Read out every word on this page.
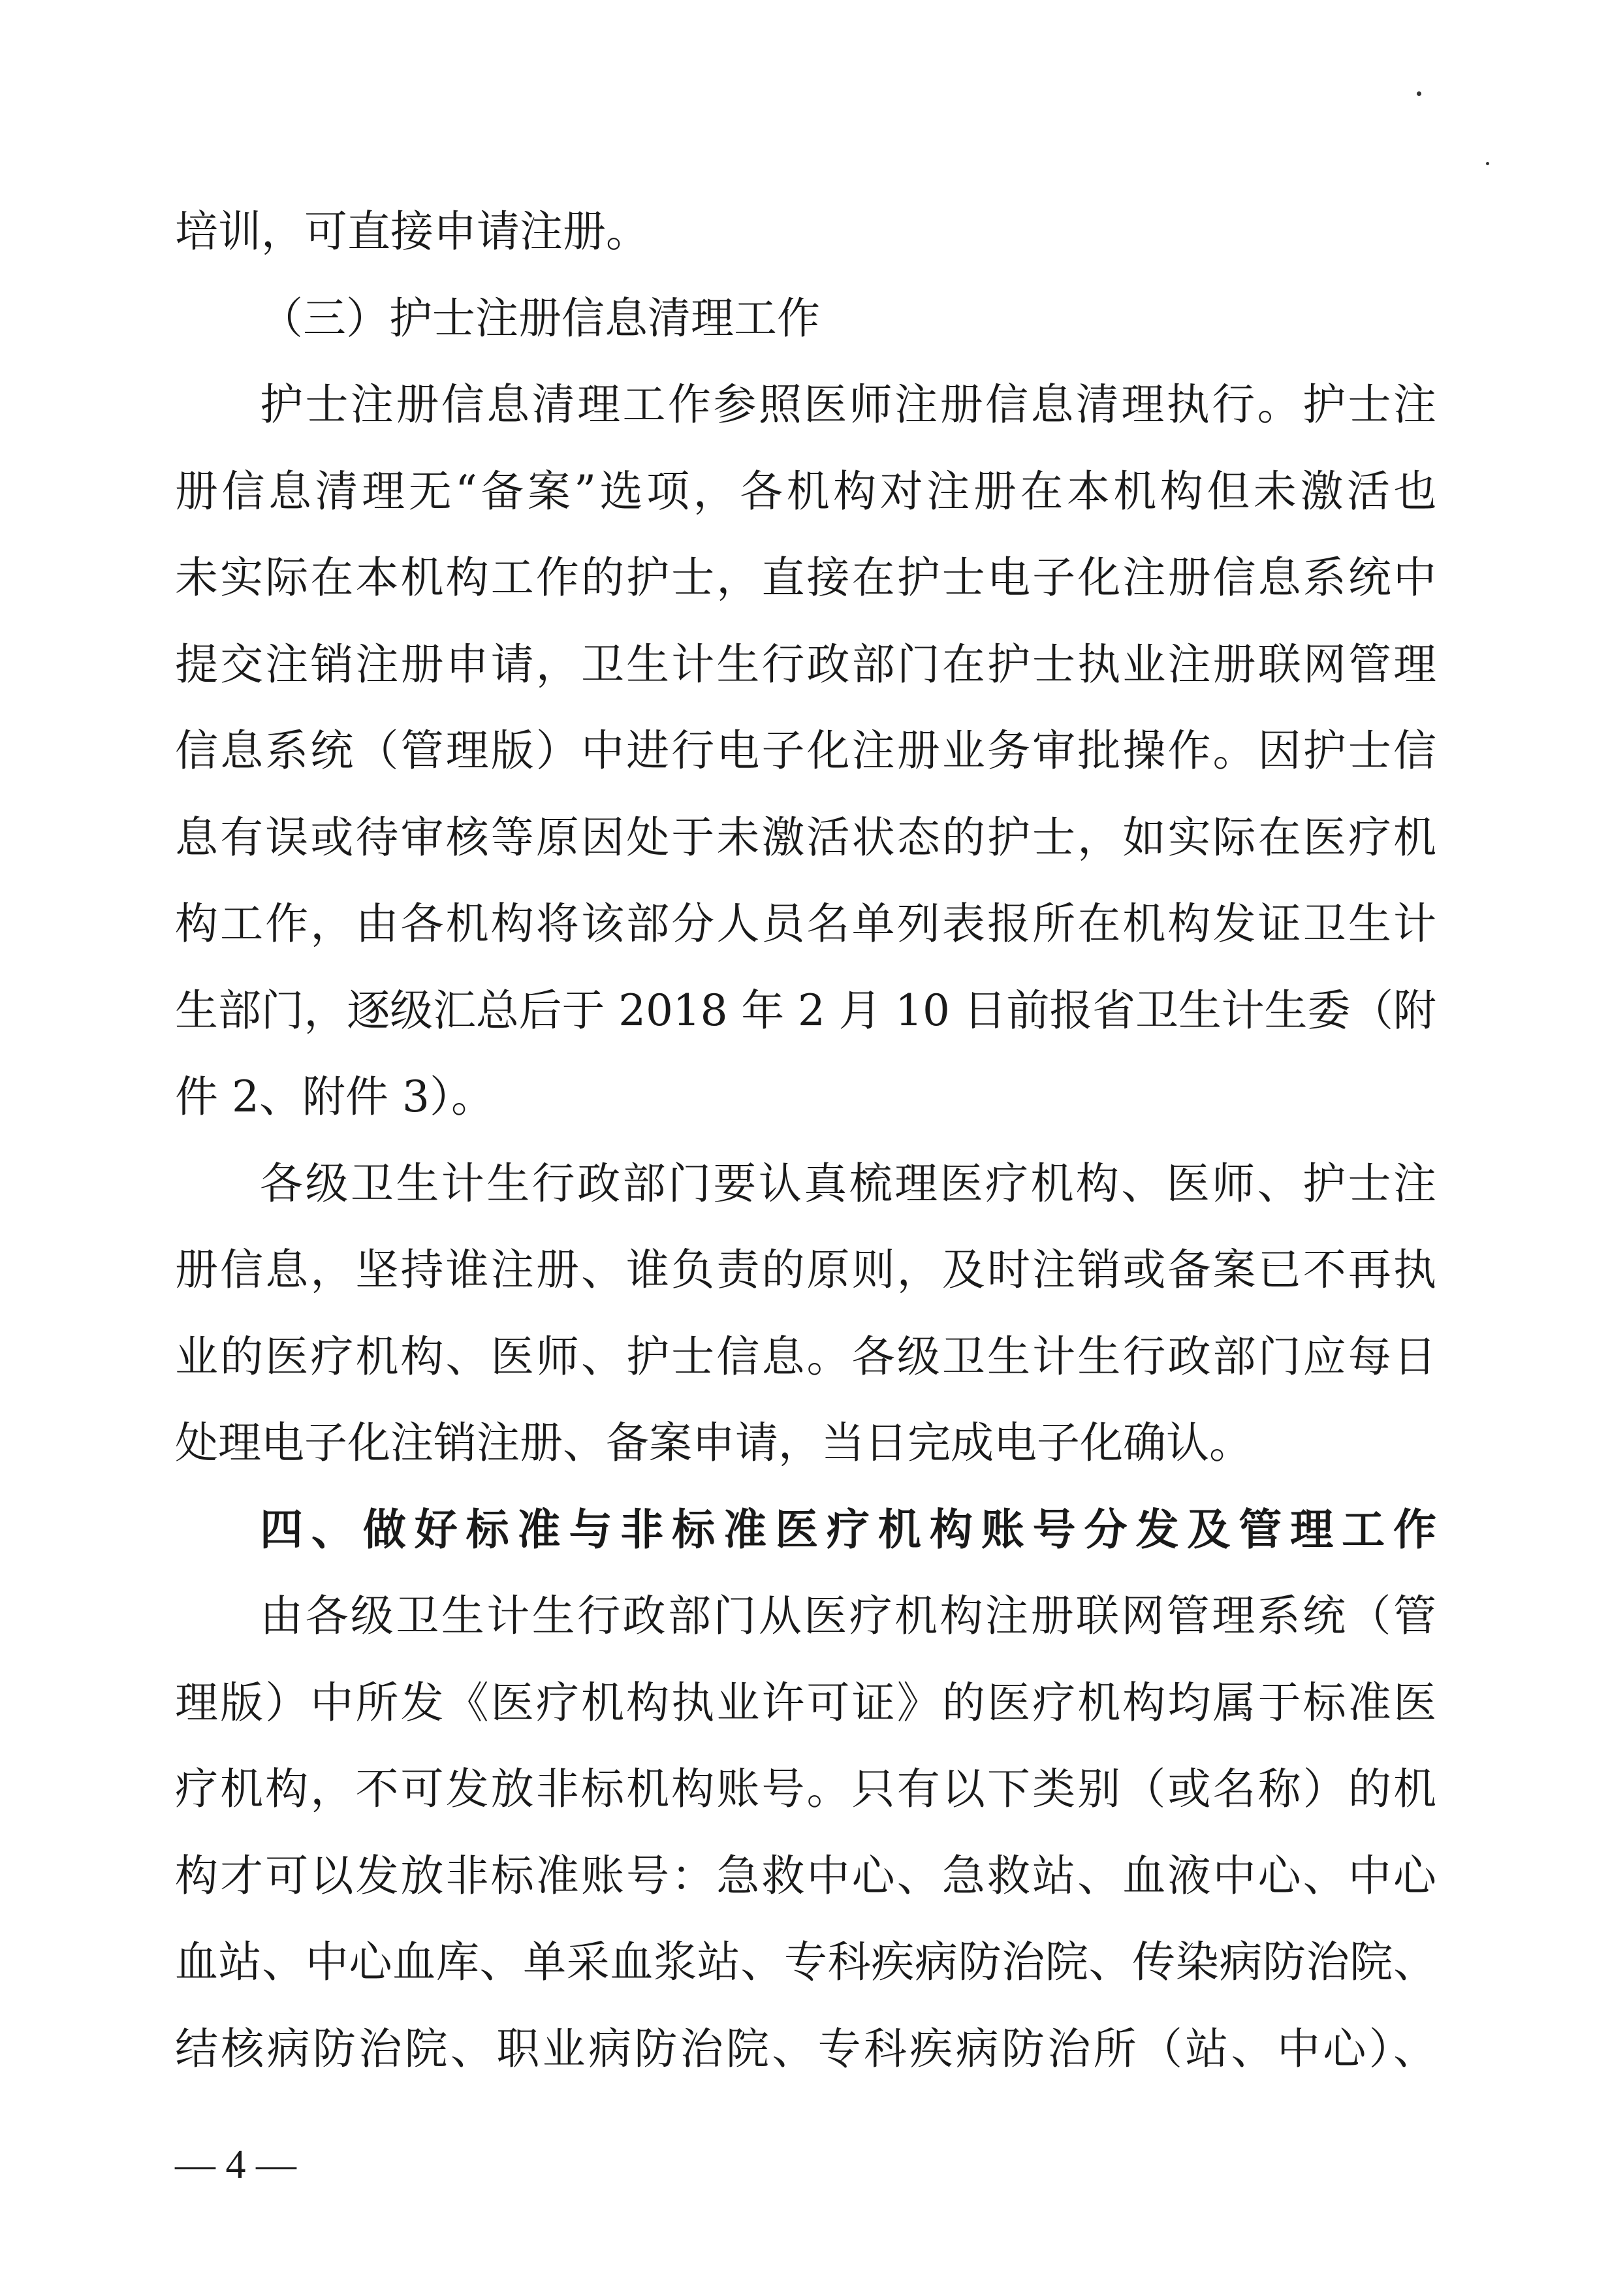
培训，可直接申请注册。
（三）护士注册信息清理工作
护士注册信息清理工作参照医师注册信息清理执行。护士注
册信息清理无“备案”选项，各机构对注册在本机构但未激活也
未实际在本机构工作的护士，直接在护士电子化注册信息系统中
提交注销注册申请，卫生计生行政部门在护士执业注册联网管理
信息系统（管理版）中进行电子化注册业务审批操作。因护士信
息有误或待审核等原因处于未激活状态的护士，如实际在医疗机
构工作，由各机构将该部分人员名单列表报所在机构发证卫生计
生部门，逐级汇总后于 2018 年 2 月 10 日前报省卫生计生委（附
件 2、附件 3）。
各级卫生计生行政部门要认真梳理医疗机构、医师、护士注
册信息，坚持谁注册、谁负责的原则，及时注销或备案已不再执
业的医疗机构、医师、护士信息。各级卫生计生行政部门应每日
处理电子化注销注册、备案申请，当日完成电子化确认。
四、做好标准与非标准医疗机构账号分发及管理工作
由各级卫生计生行政部门从医疗机构注册联网管理系统（管
理版）中所发《医疗机构执业许可证》的医疗机构均属于标准医
疗机构，不可发放非标机构账号。只有以下类别（或名称）的机
构才可以发放非标准账号：急救中心、急救站、血液中心、中心
血站、中心血库、单采血浆站、专科疾病防治院、传染病防治院、
结核病防治院、职业病防治院、专科疾病防治所（站、中心）、
— 4 —
